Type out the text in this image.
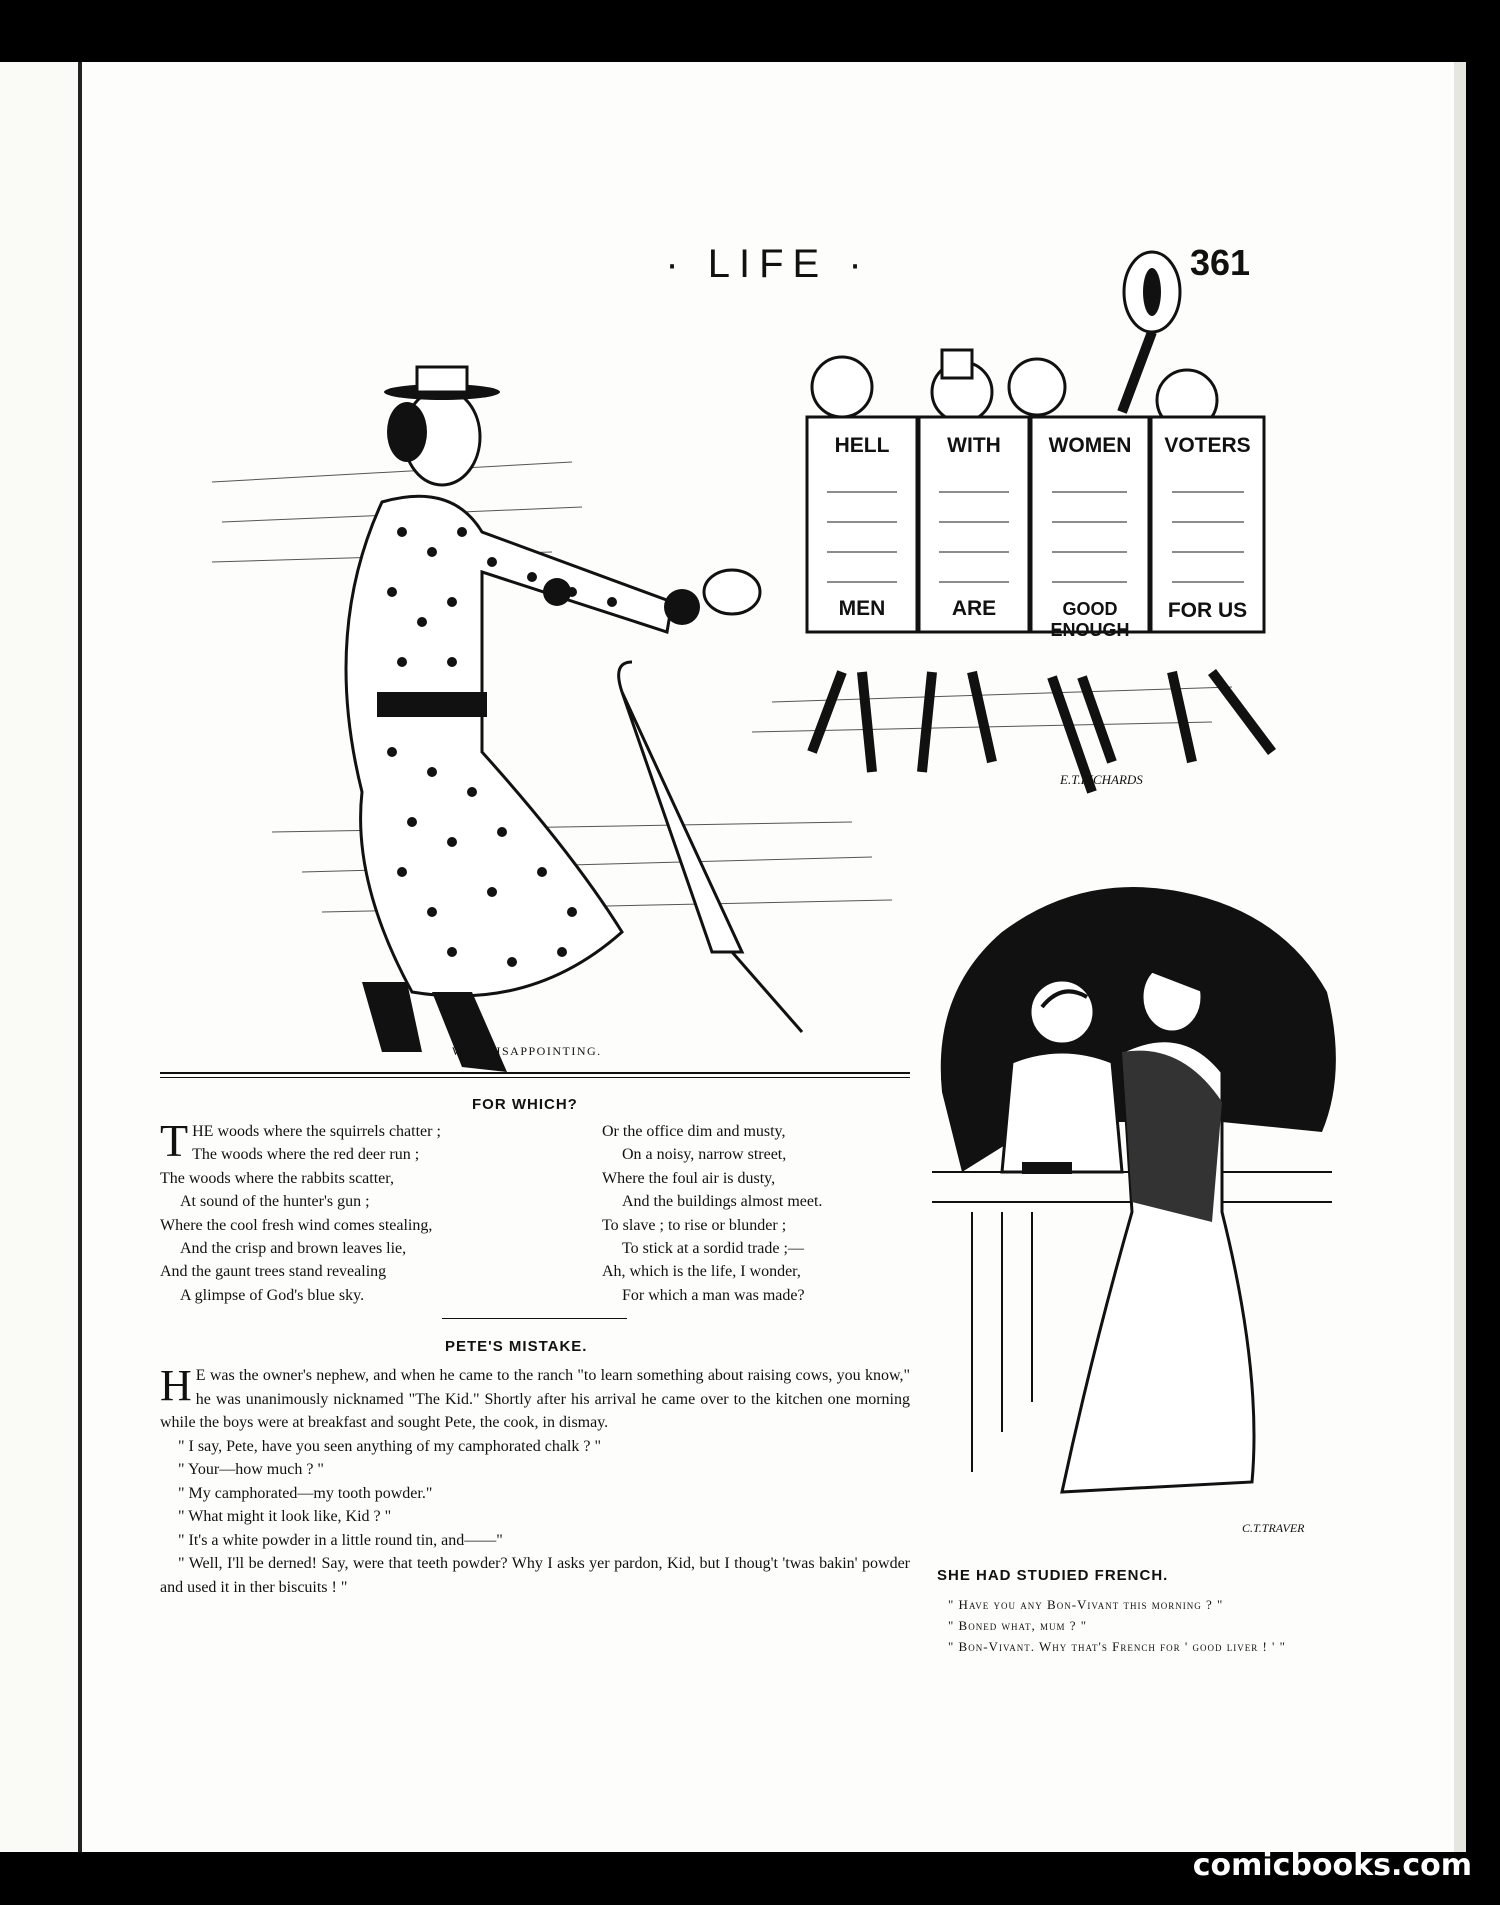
· LIFE ·	361
HELL
MEN
WITH
ARE
WOMEN
GOOD ENOUGH
VOTERS
FOR US
E.T.RICHARDS
WAS DISAPPOINTING.
FOR WHICH?
T HE woods where the squirrels chatter ;
The woods where the red deer run ;
The woods where the rabbits scatter,
At sound of the hunter's gun ;
Where the cool fresh wind comes stealing,
And the crisp and brown leaves lie,
And the gaunt trees stand revealing
A glimpse of God's blue sky.
Or the office dim and musty,
On a noisy, narrow street,
Where the foul air is dusty,
And the buildings almost meet.
To slave ; to rise or blunder ;
To stick at a sordid trade ;—
Ah, which is the life, I wonder,
For which a man was made?
PETE'S MISTAKE.
H E was the owner's nephew, and when he came to the ranch "to learn something about raising cows, you know," he was unanimously nicknamed "The Kid." Shortly after his arrival he came over to the kitchen one morning while the boys were at breakfast and sought Pete, the cook, in dismay.

" I say, Pete, have you seen anything of my camphorated chalk ? "

" Your—how much ? "

" My camphorated—my tooth powder."

" What might it look like, Kid ? "

" It's a white powder in a little round tin, and——"

" Well, I'll be derned! Say, were that teeth powder? Why I asks yer pardon, Kid, but I thoug't 'twas bakin' powder and used it in ther biscuits ! "

C.T.TRAVER
SHE HAD STUDIED FRENCH.
" Have you any Bon-Vivant this morning ? "
" Boned what, mum ? "
" Bon-Vivant. Why that's French for ' good liver ! ' "
comicbooks.com
